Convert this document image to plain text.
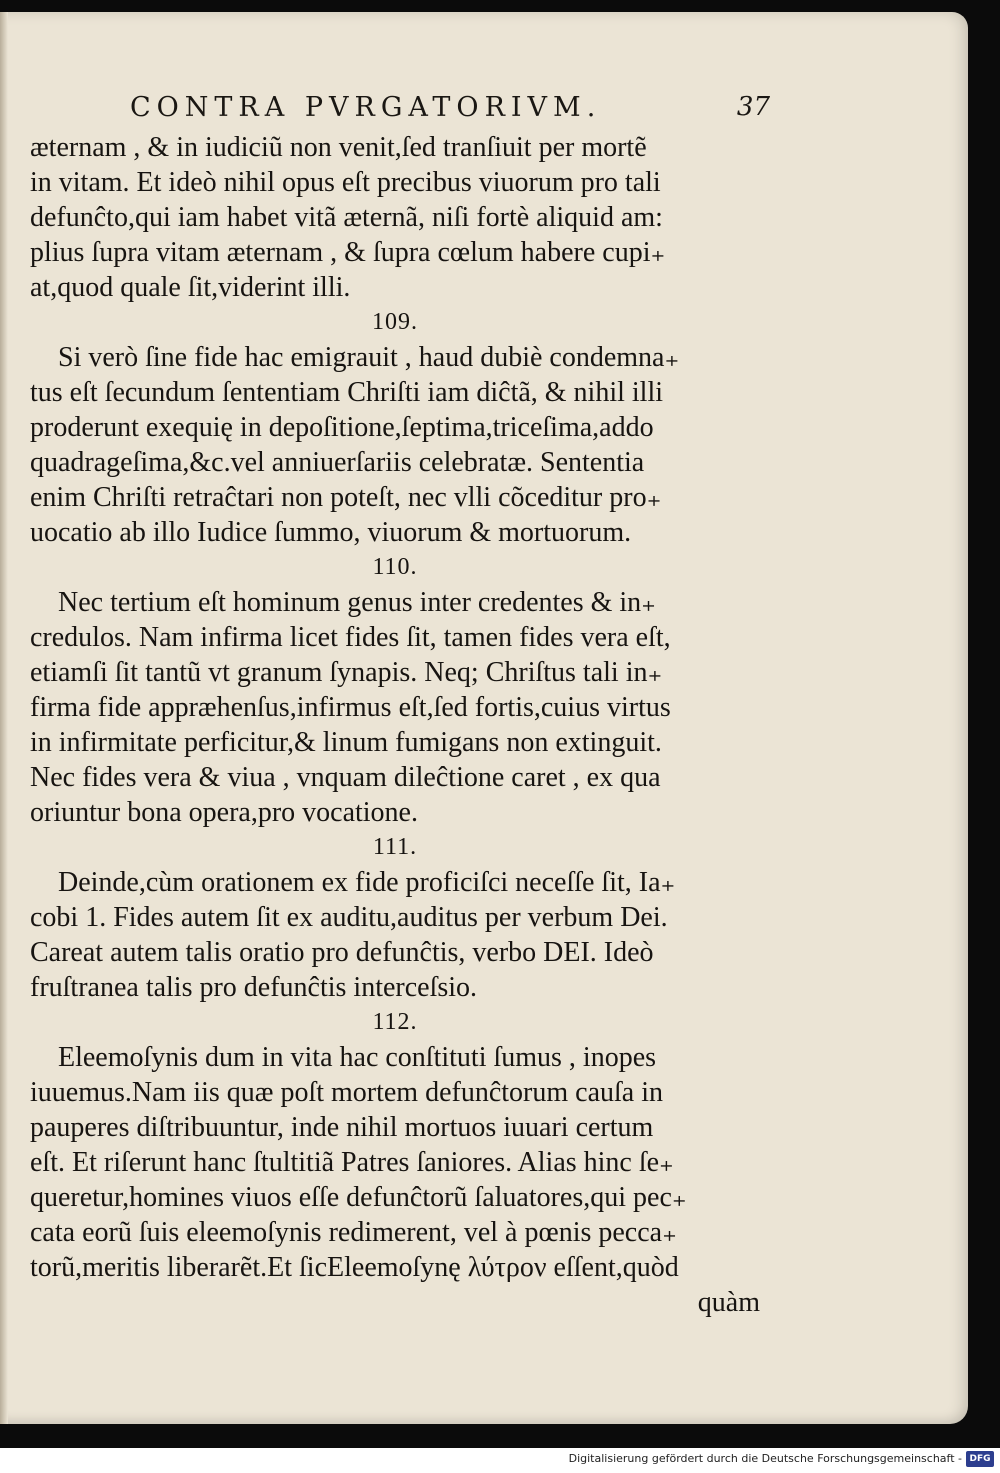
CONTRA PVRGATORIVM.	37
æternam , & in iudiciũ non venit,ſed tranſiuit per mortẽ
in vitam. Et ideò nihil opus eſt precibus viuorum pro tali
defunĉto,qui iam habet vitã æternã, niſi fortè aliquid am:
plius ſupra vitam æternam , & ſupra cœlum habere cupi₊
at,quod quale ſit,viderint illi.
109.
Si verò ſine fide hac emigrauit , haud dubiè condemna₊
tus eſt ſecundum ſententiam Chriſti iam diĉtã, & nihil illi
proderunt exequię in depoſitione,ſeptima,triceſima,addo
quadrageſima,&c.vel anniuerſariis celebratæ. Sententia
enim Chriſti retraĉtari non poteſt, nec vlli cõceditur pro₊
uocatio ab illo Iudice ſummo, viuorum & mortuorum.
110.
Nec tertium eſt hominum genus inter credentes & in₊
credulos. Nam infirma licet fides ſit, tamen fides vera eſt,
etiamſi ſit tantũ vt granum ſynapis. Neq; Chriſtus tali in₊
firma fide appræhenſus,infirmus eſt,ſed fortis,cuius virtus
in infirmitate perficitur,& linum fumigans non extinguit.
Nec fides vera & viua , vnquam dileĉtione caret , ex qua
oriuntur bona opera,pro vocatione.
111.
Deinde,cùm orationem ex fide proficiſci neceſſe ſit, Ia₊
cobi 1. Fides autem ſit ex auditu,auditus per verbum Dei.
Careat autem talis oratio pro defunĉtis, verbo DEI. Ideò
fruſtranea talis pro defunĉtis interceſsio.
112.
Eleemoſynis dum in vita hac conſtituti ſumus , inopes
iuuemus.Nam iis quæ poſt mortem defunĉtorum cauſa in
pauperes diſtribuuntur, inde nihil mortuos iuuari certum
eſt. Et riſerunt hanc ſtultitiã Patres ſaniores. Alias hinc ſe₊
queretur,homines viuos eſſe defunĉtorũ ſaluatores,qui pec₊
cata eorũ ſuis eleemoſynis redimerent, vel à pœnis pecca₊
torũ,meritis liberarẽt.Et ſicEleemoſynę λύτρον eſſent,quòd
quàm
Digitalisierung gefördert durch die Deutsche Forschungsgemeinschaft - DFG
